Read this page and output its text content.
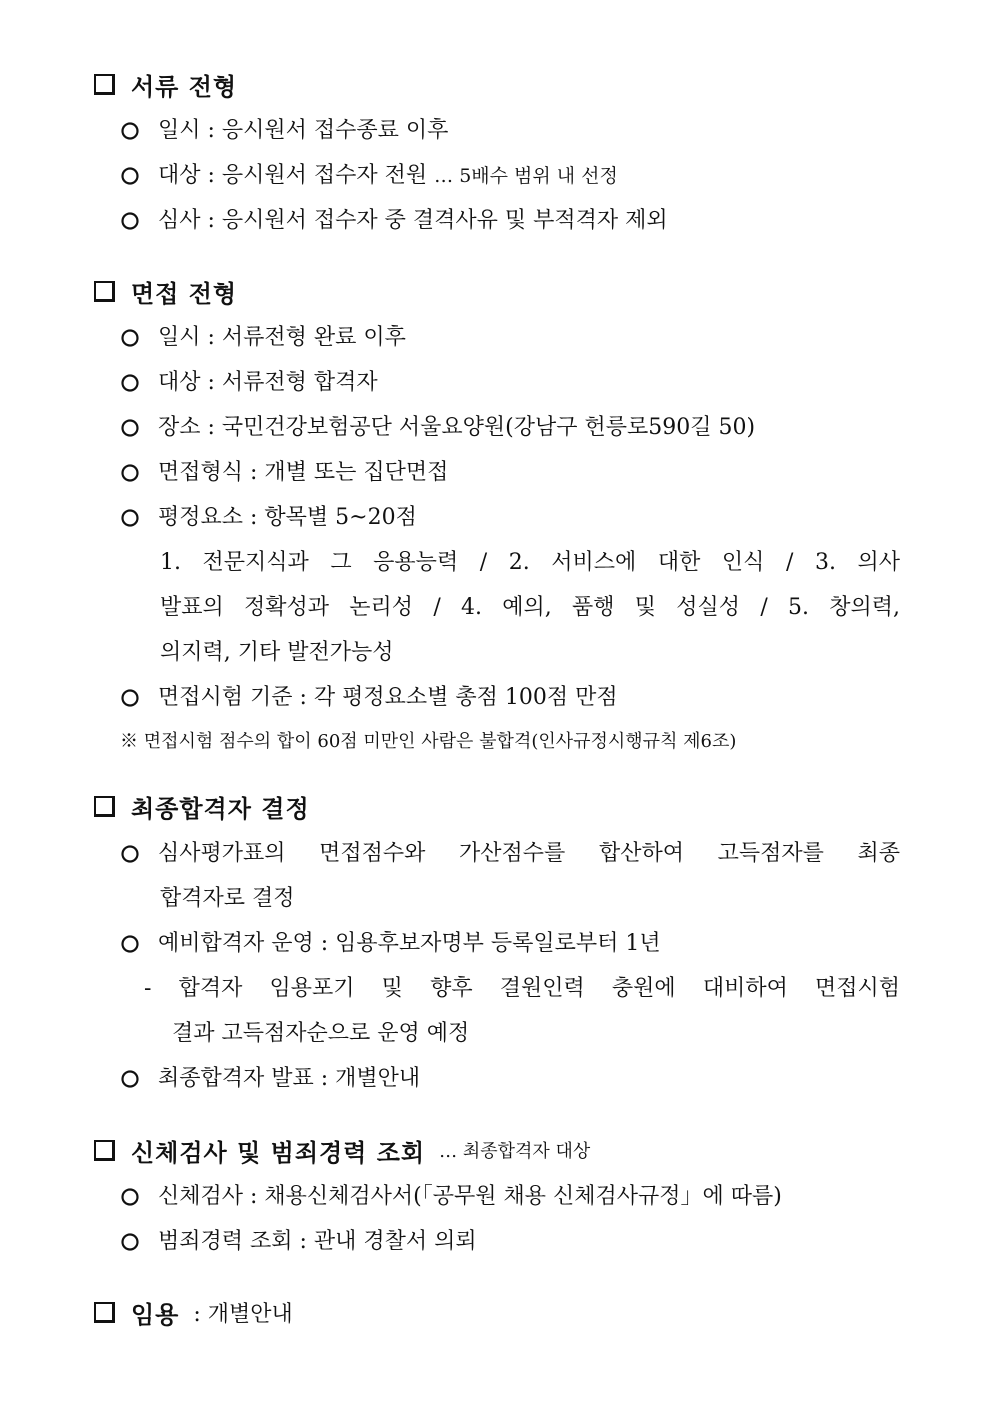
서류 전형
일시 : 응시원서 접수종료 이후
대상 : 응시원서 접수자 전원 … 5배수 범위 내 선정
심사 : 응시원서 접수자 중 결격사유 및 부적격자 제외
면접 전형
일시 : 서류전형 완료 이후
대상 : 서류전형 합격자
장소 : 국민건강보험공단 서울요양원(강남구 헌릉로590길 50)
면접형식 : 개별 또는 집단면접
평정요소 : 항목별 5~20점
1. 전문지식과 그 응용능력 / 2. 서비스에 대한 인식 / 3. 의사
발표의 정확성과 논리성 / 4. 예의, 품행 및 성실성 / 5. 창의력,
의지력, 기타 발전가능성
면접시험 기준 : 각 평정요소별 총점 100점 만점
※ 면접시험 점수의 합이 60점 미만인 사람은 불합격(인사규정시행규칙 제6조)
최종합격자 결정
심사평가표의 면접점수와 가산점수를 합산하여 고득점자를 최종
합격자로 결정
예비합격자 운영 : 임용후보자명부 등록일로부터 1년
- 합격자 임용포기 및 향후 결원인력 충원에 대비하여 면접시험
결과 고득점자순으로 운영 예정
최종합격자 발표 : 개별안내
신체검사 및 범죄경력 조회 … 최종합격자 대상
신체검사 : 채용신체검사서(「공무원 채용 신체검사규정」에 따름)
범죄경력 조회 : 관내 경찰서 의뢰
임용 : 개별안내
